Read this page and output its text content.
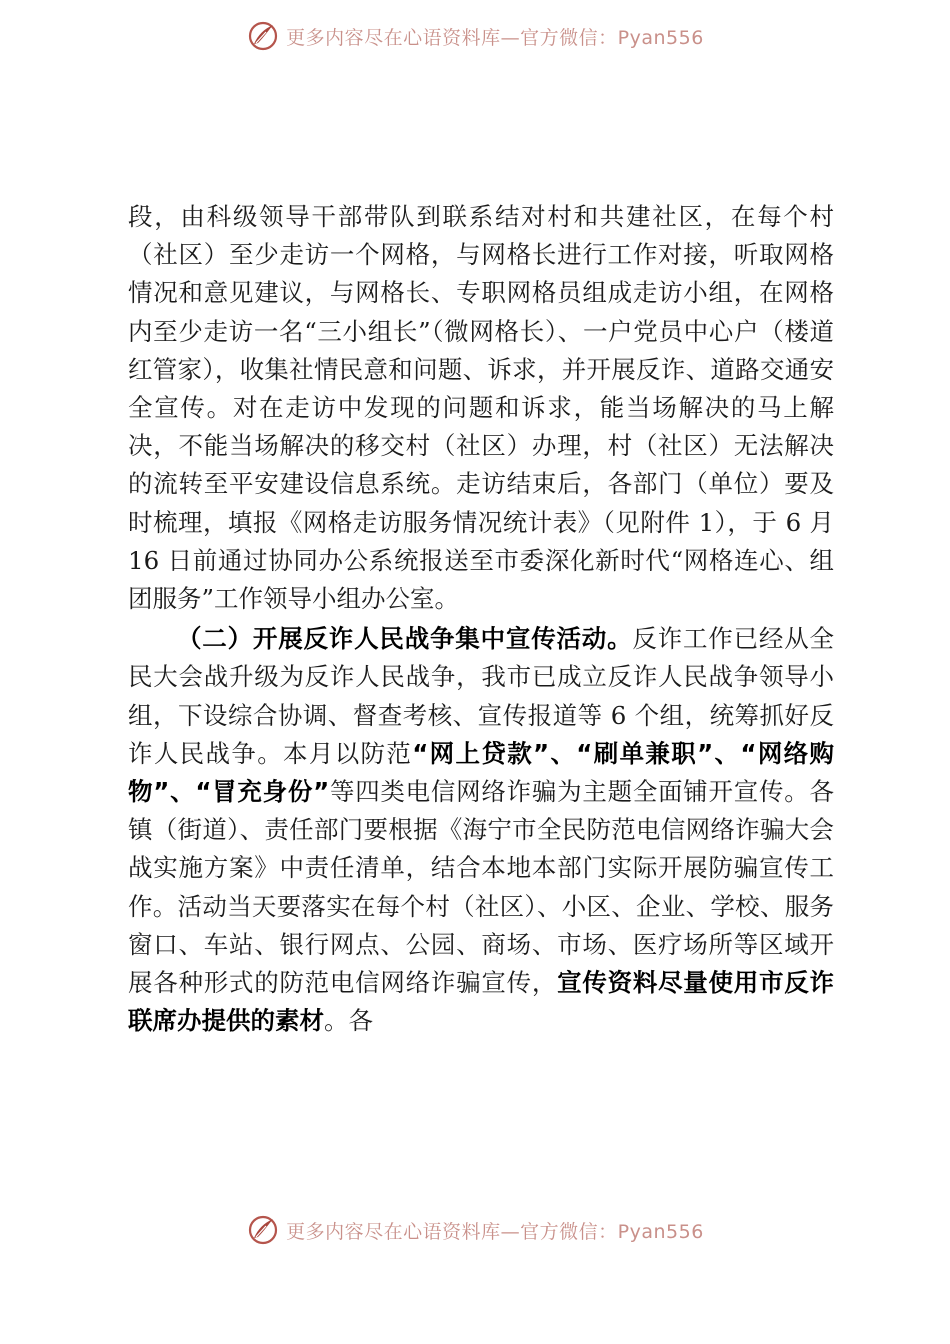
更多内容尽在心语资料库—官方微信：Pyan556

段，由科级领导干部带队到联系结对村和共建社区，在每个村（社区）至少走访一个网格，与网格长进行工作对接，听取网格情况和意见建议，与网格长、专职网格员组成走访小组，在网格内至少走访一名“三小组长”（微网格长）、一户党员中心户（楼道红管家），收集社情民意和问题、诉求，并开展反诈、道路交通安全宣传。对在走访中发现的问题和诉求，能当场解决的马上解决，不能当场解决的移交村（社区）办理，村（社区）无法解决的流转至平安建设信息系统。走访结束后，各部门（单位）要及时梳理，填报《网格走访服务情况统计表》（见附件 1），于 6 月 16 日前通过协同办公系统报送至市委深化新时代“网格连心、组团服务”工作领导小组办公室。

（二）开展反诈人民战争集中宣传活动。反诈工作已经从全民大会战升级为反诈人民战争，我市已成立反诈人民战争领导小组，下设综合协调、督查考核、宣传报道等 6 个组，统筹抓好反诈人民战争。本月以防范“网上贷款”、“刷单兼职”、“网络购物”、“冒充身份”等四类电信网络诈骗为主题全面铺开宣传。各镇（街道）、责任部门要根据《海宁市全民防范电信网络诈骗大会战实施方案》中责任清单，结合本地本部门实际开展防骗宣传工作。活动当天要落实在每个村（社区）、小区、企业、学校、服务窗口、车站、银行网点、公园、商场、市场、医疗场所等区域开展各种形式的防范电信网络诈骗宣传，宣传资料尽量使用市反诈联席办提供的素材。各

更多内容尽在心语资料库—官方微信：Pyan556
